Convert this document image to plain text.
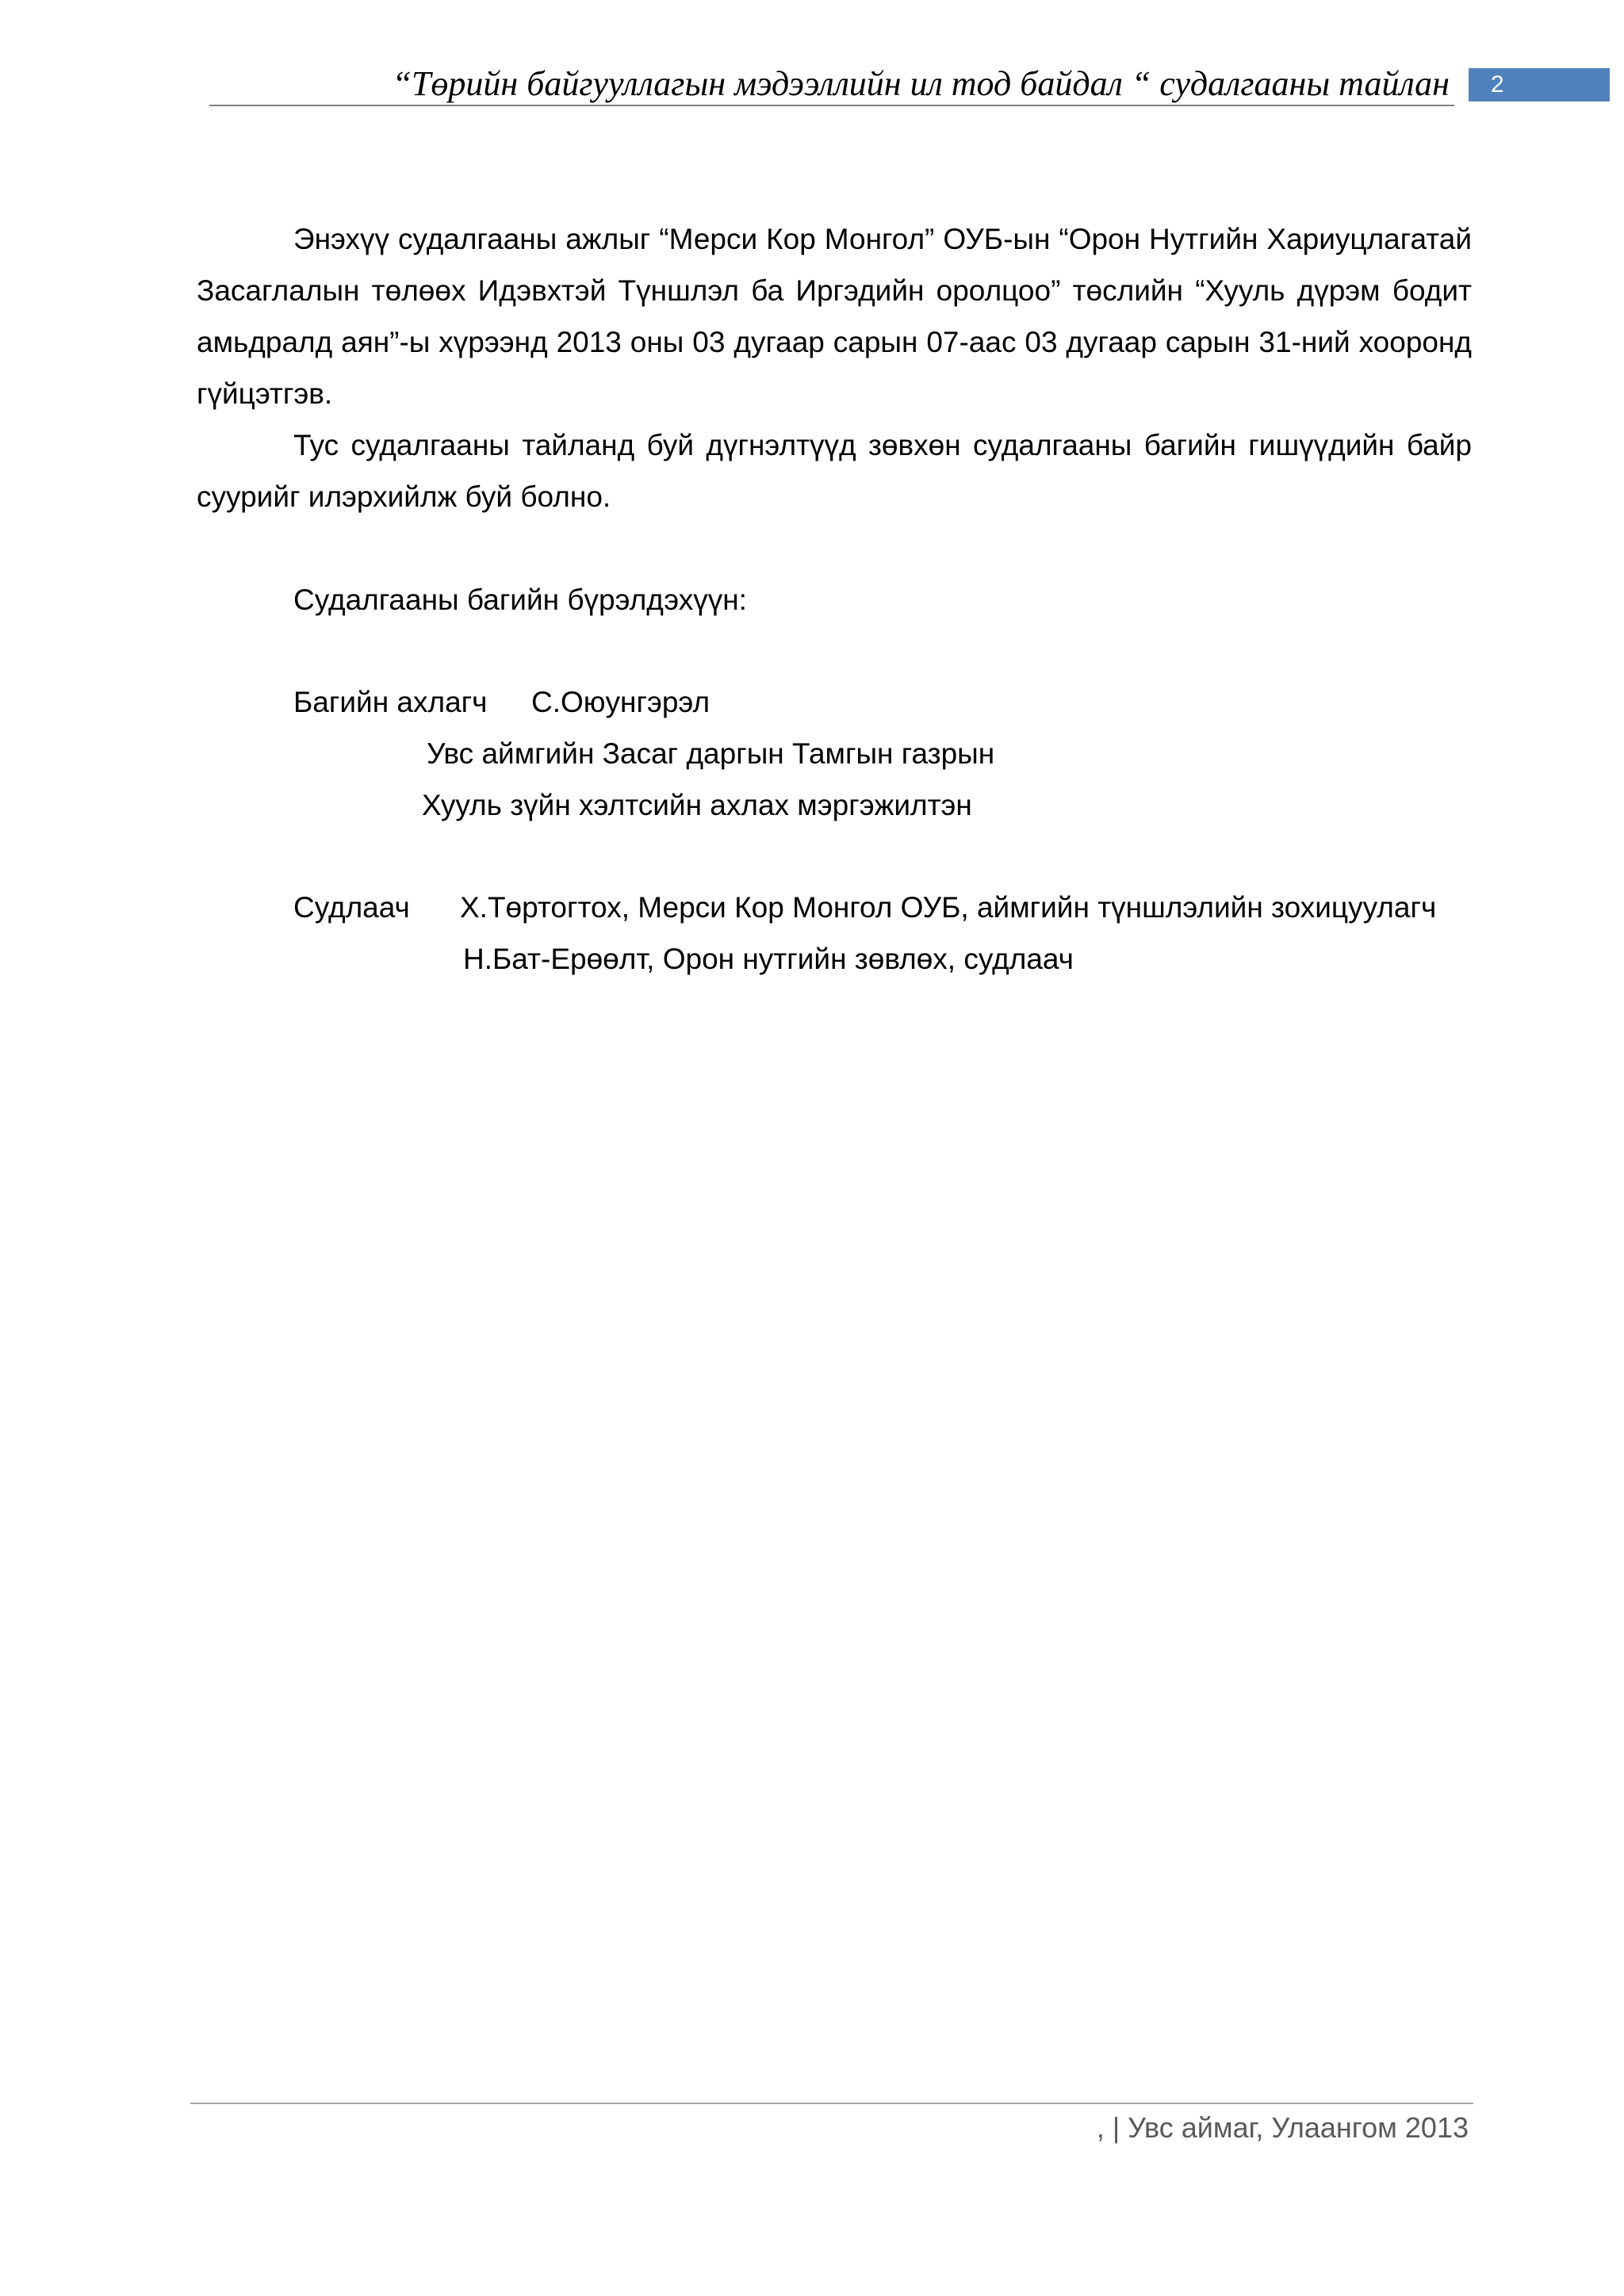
“Төрийн байгууллагын мэдээллийн ил тод байдал “ судалгааны тайлан	2

Энэхүү судалгааны ажлыг “Мерси Кор Монгол” ОУБ-ын “Орон Нутгийн Хариуцлагатай Засаглалын төлөөх Идэвхтэй Түншлэл ба Иргэдийн оролцоо” төслийн “Хууль дүрэм бодит амьдралд аян”-ы хүрээнд 2013 оны 03 дугаар сарын 07-аас 03 дугаар сарын 31-ний хооронд гүйцэтгэв.

Тус судалгааны тайланд буй дүгнэлтүүд зөвхөн судалгааны багийн гишүүдийн байр суурийг илэрхийлж буй болно.

Судалгааны багийн бүрэлдэхүүн:
Багийн ахлагч С.Оюунгэрэл
Увс аймгийн Засаг даргын Тамгын газрын
Хууль зүйн хэлтсийн ахлах мэргэжилтэн
Судлаач Х.Төртогтох, Мерси Кор Монгол ОУБ, аймгийн түншлэлийн зохицуулагч
Н.Бат-Ерөөлт, Орон нутгийн зөвлөх, судлаач
, | Увс аймаг, Улаангом 2013
